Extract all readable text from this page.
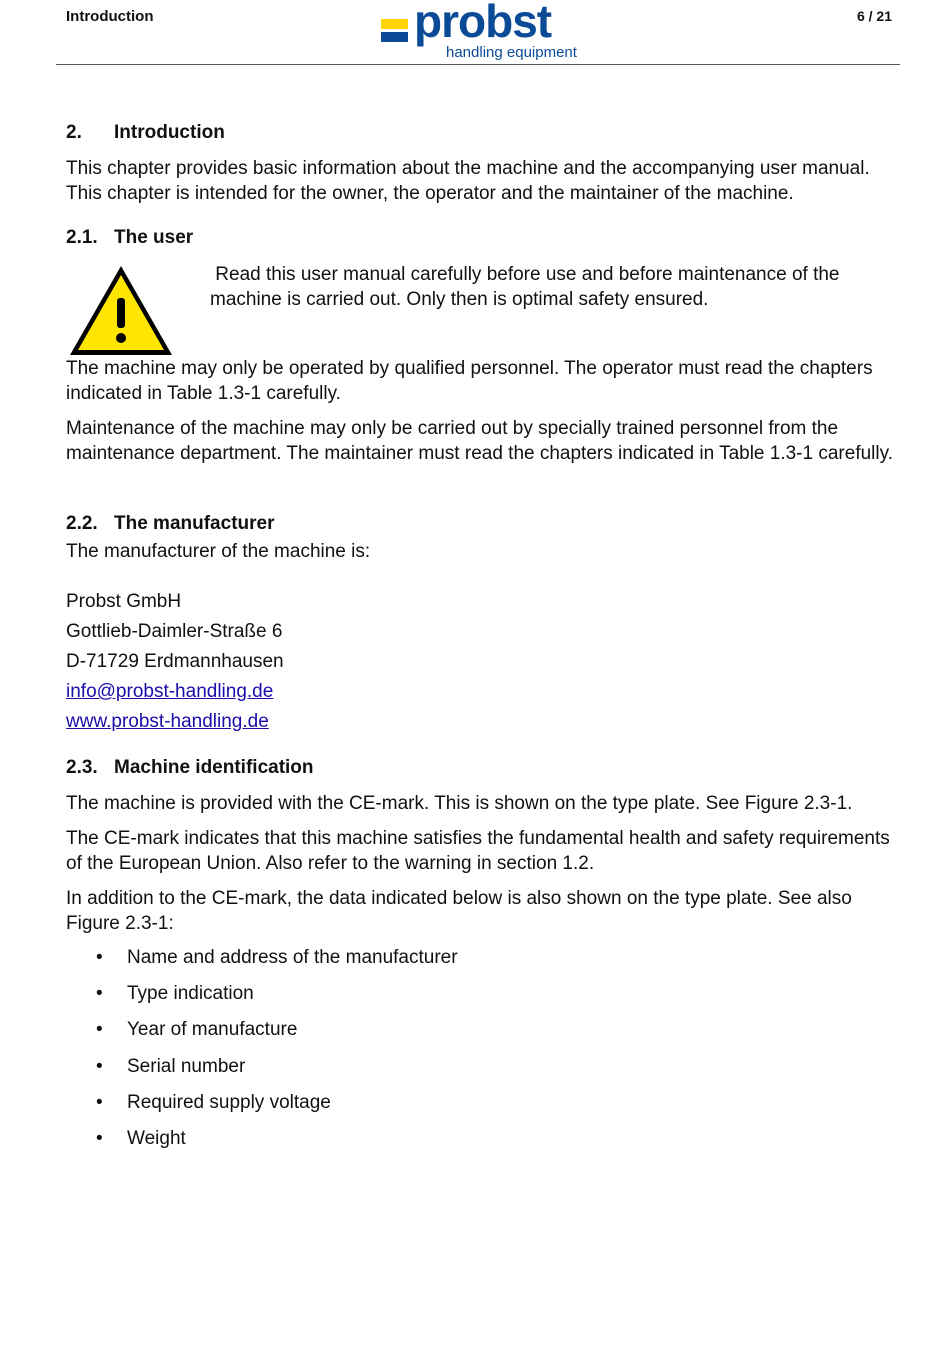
Introduction	probst
handling equipment
6 / 21
2. Introduction
This chapter provides basic information about the machine and the accompanying user manual. This chapter is intended for the owner, the operator and the maintainer of the machine.
2.1. The user
Read this user manual carefully before use and before maintenance of the machine is carried out. Only then is optimal safety ensured.
The machine may only be operated by qualified personnel. The operator must read the chapters indicated in Table 1.3-1 carefully.
Maintenance of the machine may only be carried out by specially trained personnel from the maintenance department. The maintainer must read the chapters indicated in Table 1.3-1 carefully.
2.2. The manufacturer
The manufacturer of the machine is:
Probst GmbH
Gottlieb-Daimler-Straße 6
D-71729 Erdmannhausen
info@probst-handling.de
www.probst-handling.de
2.3. Machine identification
The machine is provided with the CE-mark. This is shown on the type plate. See Figure 2.3-1.
The CE-mark indicates that this machine satisfies the fundamental health and safety requirements of the European Union. Also refer to the warning in section 1.2.
In addition to the CE-mark, the data indicated below is also shown on the type plate. See also Figure 2.3-1:
• Name and address of the manufacturer
• Type indication
• Year of manufacture
• Serial number
• Required supply voltage
• Weight
